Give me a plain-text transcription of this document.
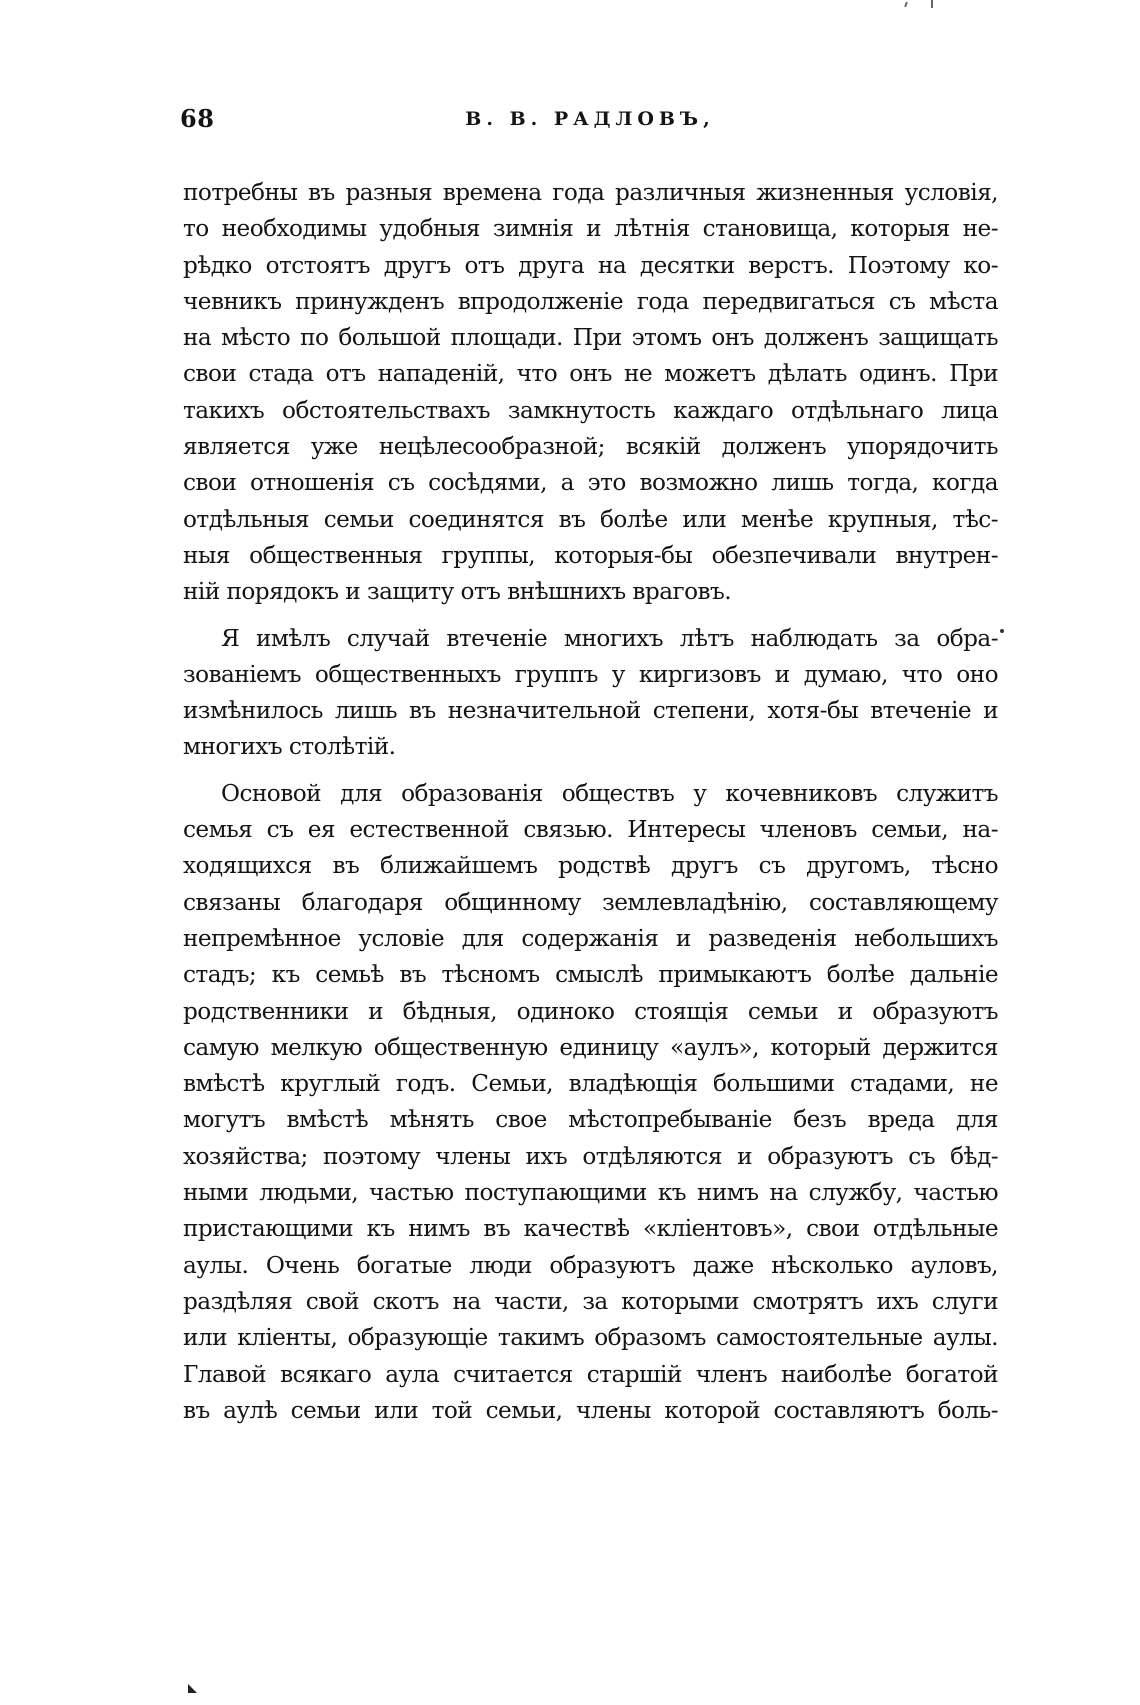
68	В. В. РАДЛОВЪ,
потребны въ разныя времена года различныя жизненныя условія,
то необходимы удобныя зимнія и лѣтнія становища, которыя не-
рѣдко отстоятъ другъ отъ друга на десятки верстъ. Поэтому ко-
чевникъ принужденъ впродолженіе года передвигаться съ мѣста
на мѣсто по большой площади. При этомъ онъ долженъ защищать
свои стада отъ нападеній, что онъ не можетъ дѣлать одинъ. При
такихъ обстоятельствахъ замкнутость каждаго отдѣльнаго лица
является уже нецѣлесообразной; всякій долженъ упорядочить
свои отношенія съ сосѣдями, а это возможно лишь тогда, когда
отдѣльныя семьи соединятся въ болѣе или менѣе крупныя, тѣс-
ныя общественныя группы, которыя-бы обезпечивали внутрен-
ній порядокъ и защиту отъ внѣшнихъ враговъ.
Я имѣлъ случай втеченіе многихъ лѣтъ наблюдать за обра-
зованіемъ общественныхъ группъ у киргизовъ и думаю, что оно
измѣнилось лишь въ незначительной степени, хотя-бы втеченіе и
многихъ столѣтій.
Основой для образованія обществъ у кочевниковъ служитъ
семья съ ея естественной связью. Интересы членовъ семьи, на-
ходящихся въ ближайшемъ родствѣ другъ съ другомъ, тѣсно
связаны благодаря общинному землевладѣнію, составляющему
непремѣнное условіе для содержанія и разведенія небольшихъ
стадъ; къ семьѣ въ тѣсномъ смыслѣ примыкаютъ болѣе дальніе
родственники и бѣдныя, одиноко стоящія семьи и образуютъ
самую мелкую общественную единицу «аулъ», который держится
вмѣстѣ круглый годъ. Семьи, владѣющія большими стадами, не
могутъ вмѣстѣ мѣнять свое мѣстопребываніе безъ вреда для
хозяйства; поэтому члены ихъ отдѣляются и образуютъ съ бѣд-
ными людьми, частью поступающими къ нимъ на службу, частью
пристающими къ нимъ въ качествѣ «кліентовъ», свои отдѣльные
аулы. Очень богатые люди образуютъ даже нѣсколько ауловъ,
раздѣляя свой скотъ на части, за которыми смотрятъ ихъ слуги
или кліенты, образующіе такимъ образомъ самостоятельные аулы.
Главой всякаго аула считается старшій членъ наиболѣе богатой
въ аулѣ семьи или той семьи, члены которой составляютъ боль-
